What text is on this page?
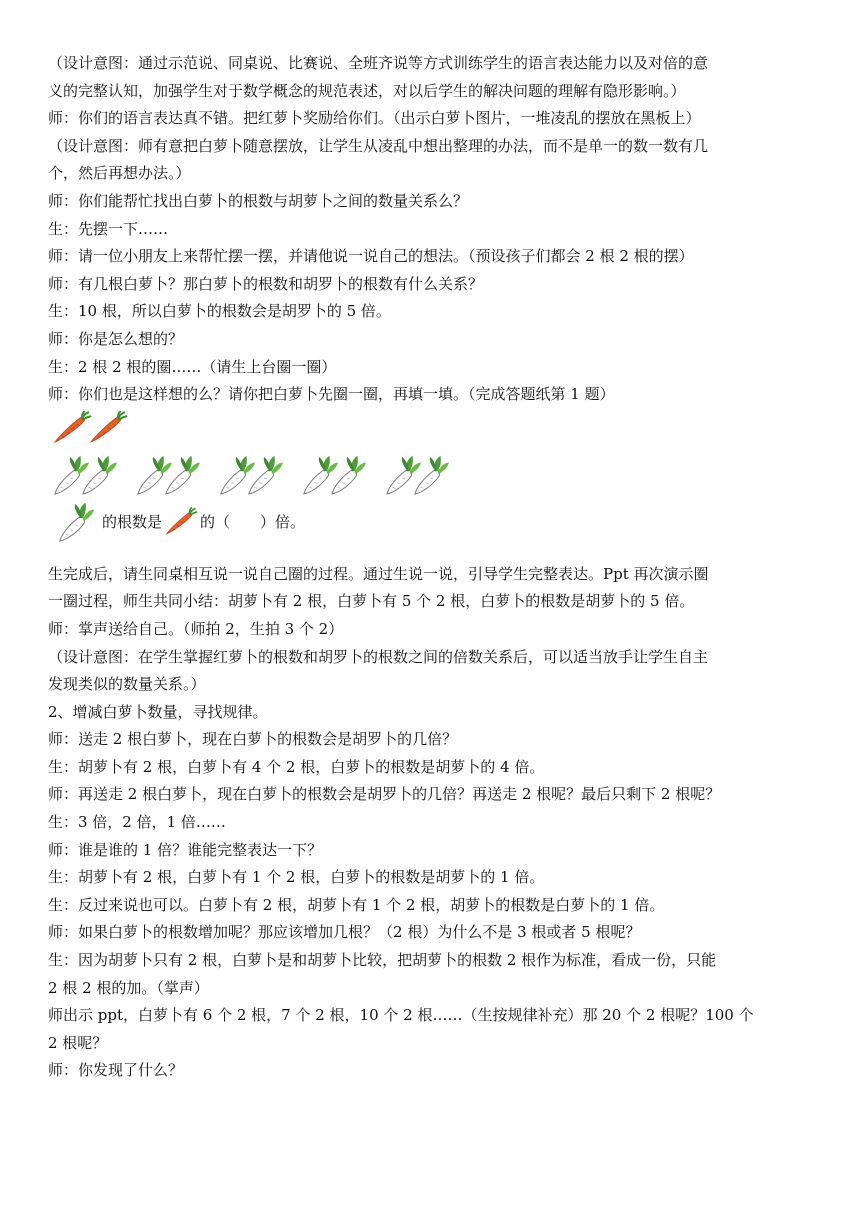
（设计意图：通过示范说、同桌说、比赛说、全班齐说等方式训练学生的语言表达能力以及对倍的意

义的完整认知，加强学生对于数学概念的规范表述，对以后学生的解决问题的理解有隐形影响。）

师：你们的语言表达真不错。把红萝卜奖励给你们。（出示白萝卜图片，一堆凌乱的摆放在黑板上）

（设计意图：师有意把白萝卜随意摆放，让学生从凌乱中想出整理的办法，而不是单一的数一数有几

个，然后再想办法。）

师：你们能帮忙找出白萝卜的根数与胡萝卜之间的数量关系么？

生：先摆一下……

师：请一位小朋友上来帮忙摆一摆，并请他说一说自己的想法。（预设孩子们都会 2 根 2 根的摆）

师：有几根白萝卜？那白萝卜的根数和胡罗卜的根数有什么关系？

生：10 根，所以白萝卜的根数会是胡罗卜的 5 倍。

师：你是怎么想的？

生：2 根 2 根的圈……（请生上台圈一圈）

师：你们也是这样想的么？请你把白萝卜先圈一圈，再填一填。（完成答题纸第 1 题）

的根数是	的（　　）倍。

生完成后，请生同桌相互说一说自己圈的过程。通过生说一说，引导学生完整表达。Ppt 再次演示圈

一圈过程，师生共同小结：胡萝卜有 2 根，白萝卜有 5 个 2 根，白萝卜的根数是胡萝卜的 5 倍。

师：掌声送给自己。（师拍 2，生拍 3 个 2）

（设计意图：在学生掌握红萝卜的根数和胡罗卜的根数之间的倍数关系后，可以适当放手让学生自主

发现类似的数量关系。）

2、增减白萝卜数量，寻找规律。

师：送走 2 根白萝卜，现在白萝卜的根数会是胡罗卜的几倍？

生：胡萝卜有 2 根，白萝卜有 4 个 2 根，白萝卜的根数是胡萝卜的 4 倍。

师：再送走 2 根白萝卜，现在白萝卜的根数会是胡罗卜的几倍？再送走 2 根呢？最后只剩下 2 根呢？

生：3 倍，2 倍，1 倍……

师：谁是谁的 1 倍？谁能完整表达一下？

生：胡萝卜有 2 根，白萝卜有 1 个 2 根，白萝卜的根数是胡萝卜的 1 倍。

生：反过来说也可以。白萝卜有 2 根，胡萝卜有 1 个 2 根，胡萝卜的根数是白萝卜的 1 倍。

师：如果白萝卜的根数增加呢？那应该增加几根？（2 根）为什么不是 3 根或者 5 根呢？

生：因为胡萝卜只有 2 根，白萝卜是和胡萝卜比较，把胡萝卜的根数 2 根作为标准，看成一份，只能

2 根 2 根的加。（掌声）

师出示 ppt，白萝卜有 6 个 2 根，7 个 2 根，10 个 2 根……（生按规律补充）那 20 个 2 根呢？100 个

2 根呢？

师：你发现了什么？
